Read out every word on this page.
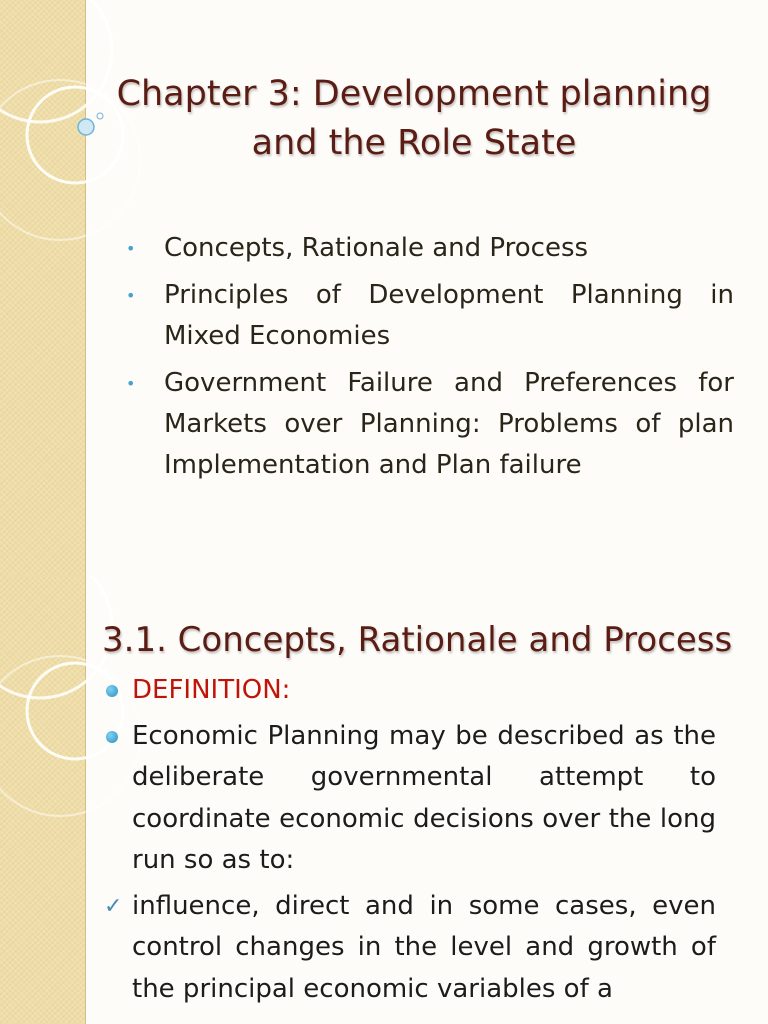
Chapter 3: Development planning and the Role State
• Concepts, Rationale and Process
• Principles of Development Planning in Mixed Economies
• Government Failure and Preferences for Markets over Planning: Problems of plan Implementation and Plan failure
3.1. Concepts, Rationale and Process
DEFINITION:
Economic Planning may be described as the deliberate governmental attempt to coordinate economic decisions over the long run so as to:
✓ influence, direct and in some cases, even control changes in the level and growth of the principal economic variables of a
